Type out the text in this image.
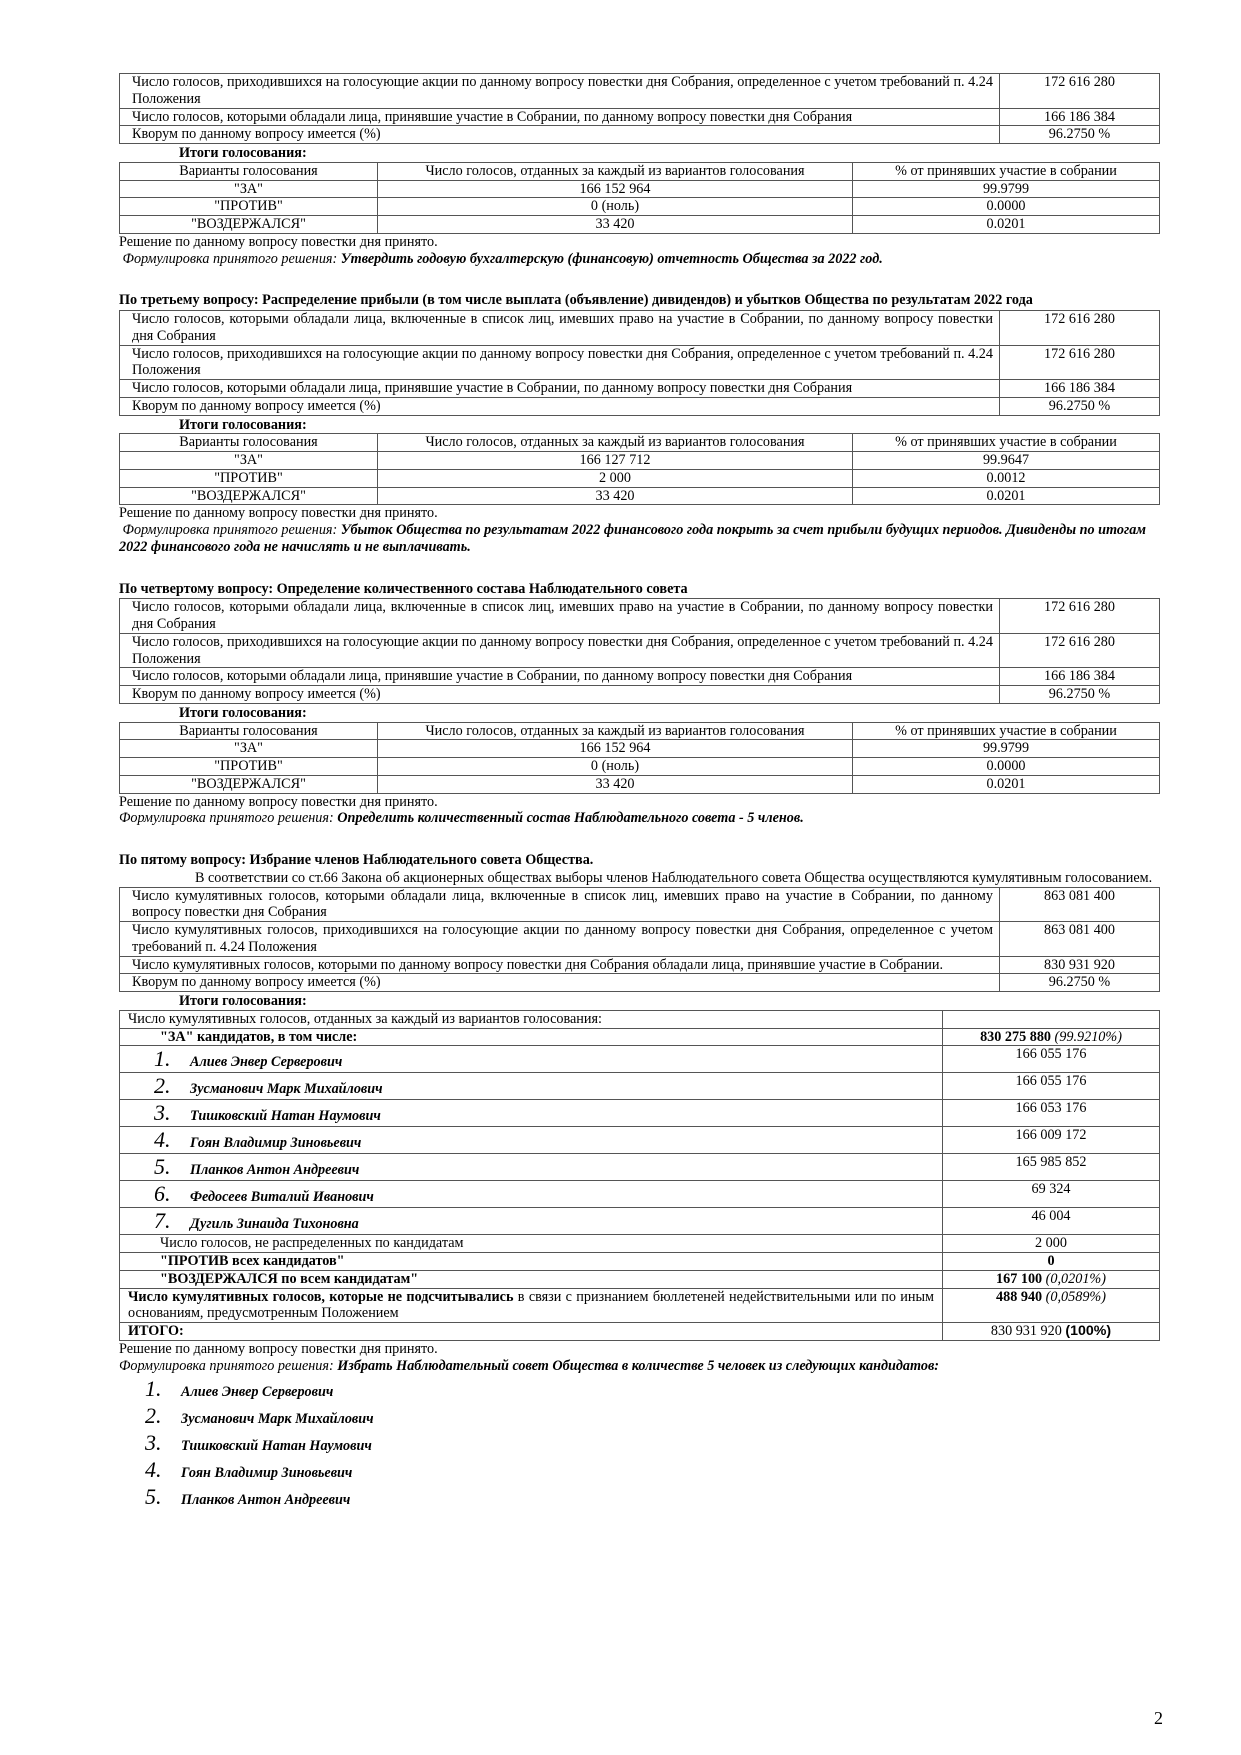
Число голосов, приходившихся на голосующие акции по данному вопросу повестки дня Собрания, определенное с учетом требований п. 4.24 Положения	172 616 280
Число голосов, которыми обладали лица, принявшие участие в Собрании, по данному вопросу повестки дня Собрания	166 186 384
Кворум по данному вопросу имеется (%)	96.2750 %

Итоги голосования:

Варианты голосования	Число голосов, отданных за каждый из вариантов голосования	% от принявших участие в собрании
"ЗА"	166 152 964	99.9799
"ПРОТИВ"	0 (ноль)	0.0000
"ВОЗДЕРЖАЛСЯ"	33 420	0.0201

Решение по данному вопросу повестки дня принято.

Формулировка принятого решения: Утвердить годовую бухгалтерскую (финансовую) отчетность Общества за 2022 год.

По третьему вопросу: Распределение прибыли (в том числе выплата (объявление) дивидендов) и убытков Общества по результатам 2022 года

Число голосов, которыми обладали лица, включенные в список лиц, имевших право на участие в Собрании, по данному вопросу повестки дня Собрания	172 616 280
Число голосов, приходившихся на голосующие акции по данному вопросу повестки дня Собрания, определенное с учетом требований п. 4.24 Положения	172 616 280
Число голосов, которыми обладали лица, принявшие участие в Собрании, по данному вопросу повестки дня Собрания	166 186 384
Кворум по данному вопросу имеется (%)	96.2750 %

Итоги голосования:

Варианты голосования	Число голосов, отданных за каждый из вариантов голосования	% от принявших участие в собрании
"ЗА"	166 127 712	99.9647
"ПРОТИВ"	2 000	0.0012
"ВОЗДЕРЖАЛСЯ"	33 420	0.0201

Решение по данному вопросу повестки дня принято.

Формулировка принятого решения: Убыток Общества по результатам 2022 финансового года покрыть за счет прибыли будущих периодов. Дивиденды по итогам 2022 финансового года не начислять и не выплачивать.

По четвертому вопросу: Определение количественного состава Наблюдательного совета

Число голосов, которыми обладали лица, включенные в список лиц, имевших право на участие в Собрании, по данному вопросу повестки дня Собрания	172 616 280
Число голосов, приходившихся на голосующие акции по данному вопросу повестки дня Собрания, определенное с учетом требований п. 4.24 Положения	172 616 280
Число голосов, которыми обладали лица, принявшие участие в Собрании, по данному вопросу повестки дня Собрания	166 186 384
Кворум по данному вопросу имеется (%)	96.2750 %

Итоги голосования:

Варианты голосования	Число голосов, отданных за каждый из вариантов голосования	% от принявших участие в собрании
"ЗА"	166 152 964	99.9799
"ПРОТИВ"	0 (ноль)	0.0000
"ВОЗДЕРЖАЛСЯ"	33 420	0.0201

Решение по данному вопросу повестки дня принято.

Формулировка принятого решения: Определить количественный состав Наблюдательного совета - 5 членов.

По пятому вопросу: Избрание членов Наблюдательного совета Общества.

В соответствии со ст.66 Закона об акционерных обществах выборы членов Наблюдательного совета Общества осуществляются кумулятивным голосованием.

Число кумулятивных голосов, которыми обладали лица, включенные в список лиц, имевших право на участие в Собрании, по данному вопросу повестки дня Собрания	863 081 400
Число кумулятивных голосов, приходившихся на голосующие акции по данному вопросу повестки дня Собрания, определенное с учетом требований п. 4.24 Положения	863 081 400
Число кумулятивных голосов, которыми по данному вопросу повестки дня Собрания обладали лица, принявшие участие в Собрании.	830 931 920
Кворум по данному вопросу имеется (%)	96.2750 %

Итоги голосования:

Число кумулятивных голосов, отданных за каждый из вариантов голосования:	
"ЗА" кандидатов, в том числе:	830 275 880 (99.9210%)
1. Алиев Энвер Серверович	166 055 176
2. Зусманович Марк Михайлович	166 055 176
3. Тишковский Натан Наумович	166 053 176
4. Гоян Владимир Зиновьевич	166 009 172
5. Планков Антон Андреевич	165 985 852
6. Федосеев Виталий Иванович	69 324
7. Дугиль Зинаида Тихоновна	46 004
Число голосов, не распределенных по кандидатам	2 000
"ПРОТИВ всех кандидатов"	0
"ВОЗДЕРЖАЛСЯ по всем кандидатам"	167 100 (0,0201%)
Число кумулятивных голосов, которые не подсчитывались в связи с признанием бюллетеней недействительными или по иным основаниям, предусмотренным Положением	488 940 (0,0589%)
ИТОГО:	830 931 920 (100%)

Решение по данному вопросу повестки дня принято.

Формулировка принятого решения: Избрать Наблюдательный совет Общества в количестве 5 человек из следующих кандидатов:

1. Алиев Энвер Серверович
2. Зусманович Марк Михайлович
3. Тишковский Натан Наумович
4. Гоян Владимир Зиновьевич
5. Планков Антон Андреевич
2
